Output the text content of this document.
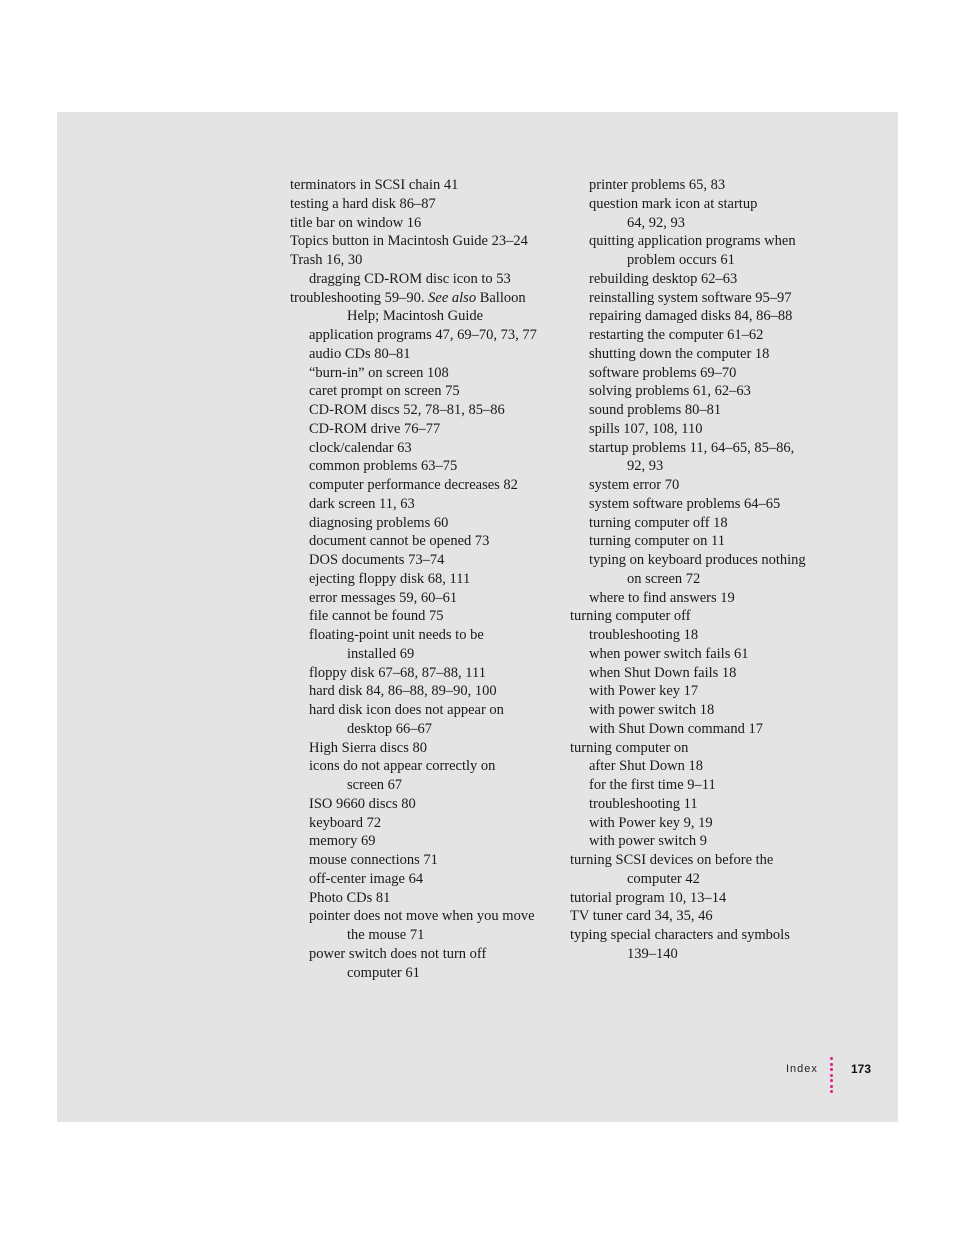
terminators in SCSI chain 41
testing a hard disk 86–87
title bar on window 16
Topics button in Macintosh Guide 23–24
Trash 16, 30
dragging CD-ROM disc icon to 53
troubleshooting 59–90. See also Balloon
Help; Macintosh Guide
application programs 47, 69–70, 73, 77
audio CDs 80–81
“burn-in” on screen 108
caret prompt on screen 75
CD-ROM discs 52, 78–81, 85–86
CD-ROM drive 76–77
clock/calendar 63
common problems 63–75
computer performance decreases 82
dark screen 11, 63
diagnosing problems 60
document cannot be opened 73
DOS documents 73–74
ejecting floppy disk 68, 111
error messages 59, 60–61
file cannot be found 75
floating-point unit needs to be
installed 69
floppy disk 67–68, 87–88, 111
hard disk 84, 86–88, 89–90, 100
hard disk icon does not appear on
desktop 66–67
High Sierra discs 80
icons do not appear correctly on
screen 67
ISO 9660 discs 80
keyboard 72
memory 69
mouse connections 71
off-center image 64
Photo CDs 81
pointer does not move when you move
the mouse 71
power switch does not turn off
computer 61
printer problems 65, 83
question mark icon at startup
64, 92, 93
quitting application programs when
problem occurs 61
rebuilding desktop 62–63
reinstalling system software 95–97
repairing damaged disks 84, 86–88
restarting the computer 61–62
shutting down the computer 18
software problems 69–70
solving problems 61, 62–63
sound problems 80–81
spills 107, 108, 110
startup problems 11, 64–65, 85–86,
92, 93
system error 70
system software problems 64–65
turning computer off 18
turning computer on 11
typing on keyboard produces nothing
on screen 72
where to find answers 19
turning computer off
troubleshooting 18
when power switch fails 61
when Shut Down fails 18
with Power key 17
with power switch 18
with Shut Down command 17
turning computer on
after Shut Down 18
for the first time 9–11
troubleshooting 11
with Power key 9, 19
with power switch 9
turning SCSI devices on before the
computer 42
tutorial program 10, 13–14
TV tuner card 34, 35, 46
typing special characters and symbols
139–140
Index	173
